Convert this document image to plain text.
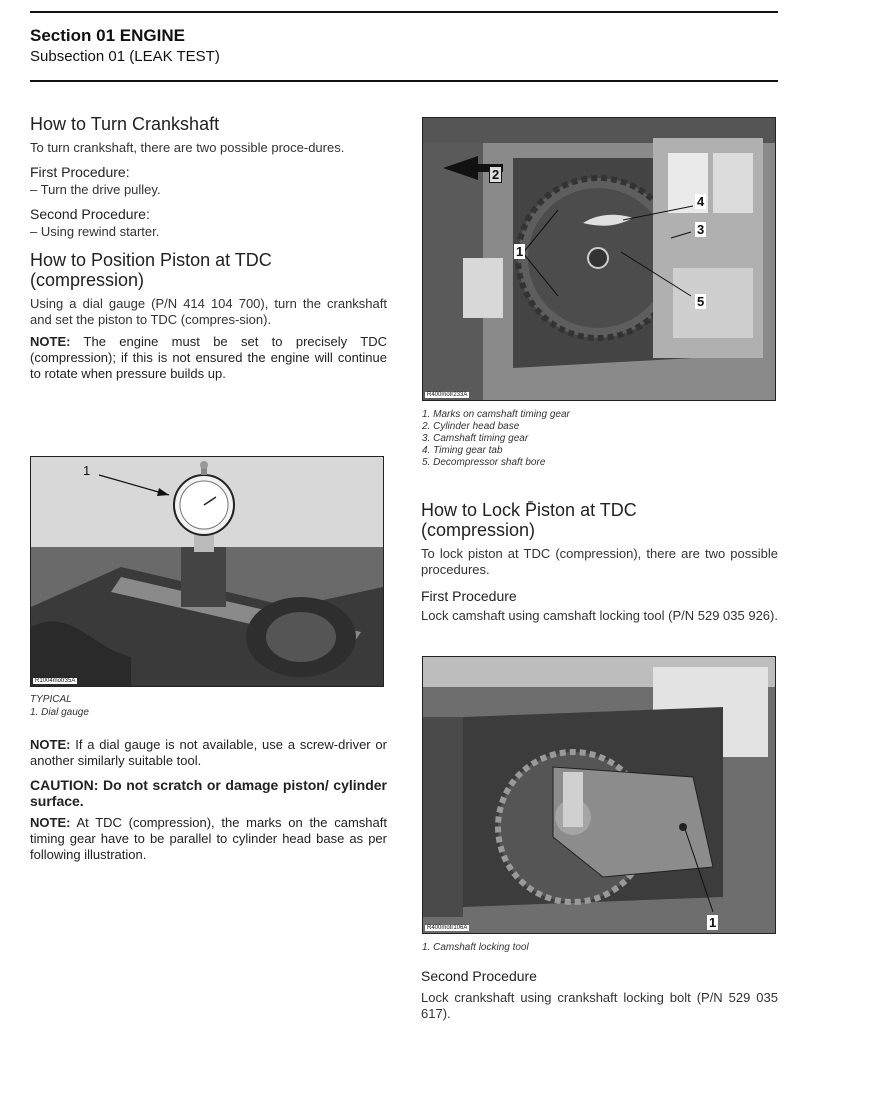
Section 01 ENGINE
Subsection 01 (LEAK TEST)

How to Turn Crankshaft

To turn crankshaft, there are two possible proce-dures.

First Procedure:

– Turn the drive pulley.

Second Procedure:

– Using rewind starter.

How to Position Piston at TDC
(compression)

Using a dial gauge (P/N 414 104 700), turn the crankshaft and set the piston to TDC (compres-sion).

NOTE: The engine must be set to precisely TDC (compression); if this is not ensured the engine will continue to rotate when pressure builds up.

1
R1004motr35A
TYPICAL
1. Dial gauge

NOTE: If a dial gauge is not available, use a screw-driver or another similarly suitable tool.

CAUTION: Do not scratch or damage piston/ cylinder surface.

NOTE: At TDC (compression), the marks on the camshaft timing gear have to be parallel to cylinder head base as per following illustration.

2
1
3
4
5
R400motr233A
1. Marks on camshaft timing gear
2. Cylinder head base
3. Camshaft timing gear
4. Timing gear tab
5. Decompressor shaft bore

How to Lock P̄iston at TDC
(compression)

To lock piston at TDC (compression), there are two possible procedures.

First Procedure

Lock camshaft using camshaft locking tool (P/N 529 035 926).

1
R400motr106A
1. Camshaft locking tool

Second Procedure

Lock crankshaft using crankshaft locking bolt (P/N 529 035 617).
